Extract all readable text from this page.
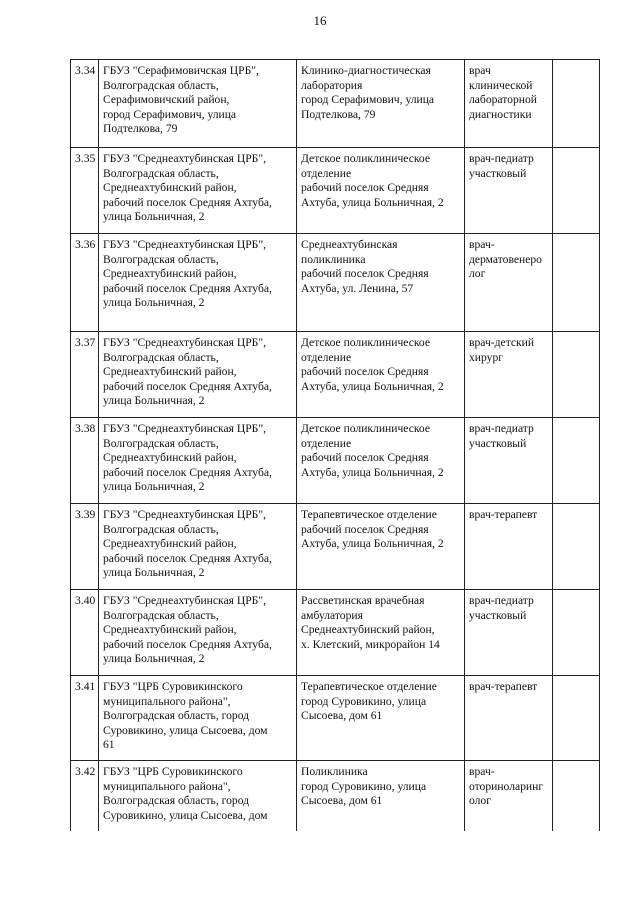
16
3.34	ГБУЗ "Серафимовичская ЦРБ",
Волгоградская область,
Серафимовичский район,
город Серафимович, улица
Подтелкова, 79	Клинико-диагностическая
лаборатория
город Серафимович, улица
Подтелкова, 79	врач
клинической
лабораторной
диагностики	
3.35	ГБУЗ "Среднеахтубинская ЦРБ",
Волгоградская область,
Среднеахтубинский район,
рабочий поселок Средняя Ахтуба,
улица Больничная, 2	Детское поликлиническое
отделение
рабочий поселок Средняя
Ахтуба, улица Больничная, 2	врач-педиатр
участковый	
3.36	ГБУЗ "Среднеахтубинская ЦРБ",
Волгоградская область,
Среднеахтубинский район,
рабочий поселок Средняя Ахтуба,
улица Больничная, 2	Среднеахтубинская
поликлиника
рабочий поселок Средняя
Ахтуба, ул. Ленина, 57	врач-
дерматовенеро
лог	
3.37	ГБУЗ "Среднеахтубинская ЦРБ",
Волгоградская область,
Среднеахтубинский район,
рабочий поселок Средняя Ахтуба,
улица Больничная, 2	Детское поликлиническое
отделение
рабочий поселок Средняя
Ахтуба, улица Больничная, 2	врач-детский
хирург	
3.38	ГБУЗ "Среднеахтубинская ЦРБ",
Волгоградская область,
Среднеахтубинский район,
рабочий поселок Средняя Ахтуба,
улица Больничная, 2	Детское поликлиническое
отделение
рабочий поселок Средняя
Ахтуба, улица Больничная, 2	врач-педиатр
участковый	
3.39	ГБУЗ "Среднеахтубинская ЦРБ",
Волгоградская область,
Среднеахтубинский район,
рабочий поселок Средняя Ахтуба,
улица Больничная, 2	Терапевтическое отделение
рабочий поселок Средняя
Ахтуба, улица Больничная, 2	врач-терапевт	
3.40	ГБУЗ "Среднеахтубинская ЦРБ",
Волгоградская область,
Среднеахтубинский район,
рабочий поселок Средняя Ахтуба,
улица Больничная, 2	Рассветинская врачебная
амбулатория
Среднеахтубинский район,
х. Клетский, микрорайон 14	врач-педиатр
участковый	
3.41	ГБУЗ "ЦРБ Суровикинского
муниципального района",
Волгоградская область, город
Суровикино, улица Сысоева, дом
61	Терапевтическое отделение
город Суровикино, улица
Сысоева, дом 61	врач-терапевт	
3.42	ГБУЗ "ЦРБ Суровикинского
муниципального района",
Волгоградская область, город
Суровикино, улица Сысоева, дом	Поликлиника
город Суровикино, улица
Сысоева, дом 61	врач-
оториноларинг
олог	
